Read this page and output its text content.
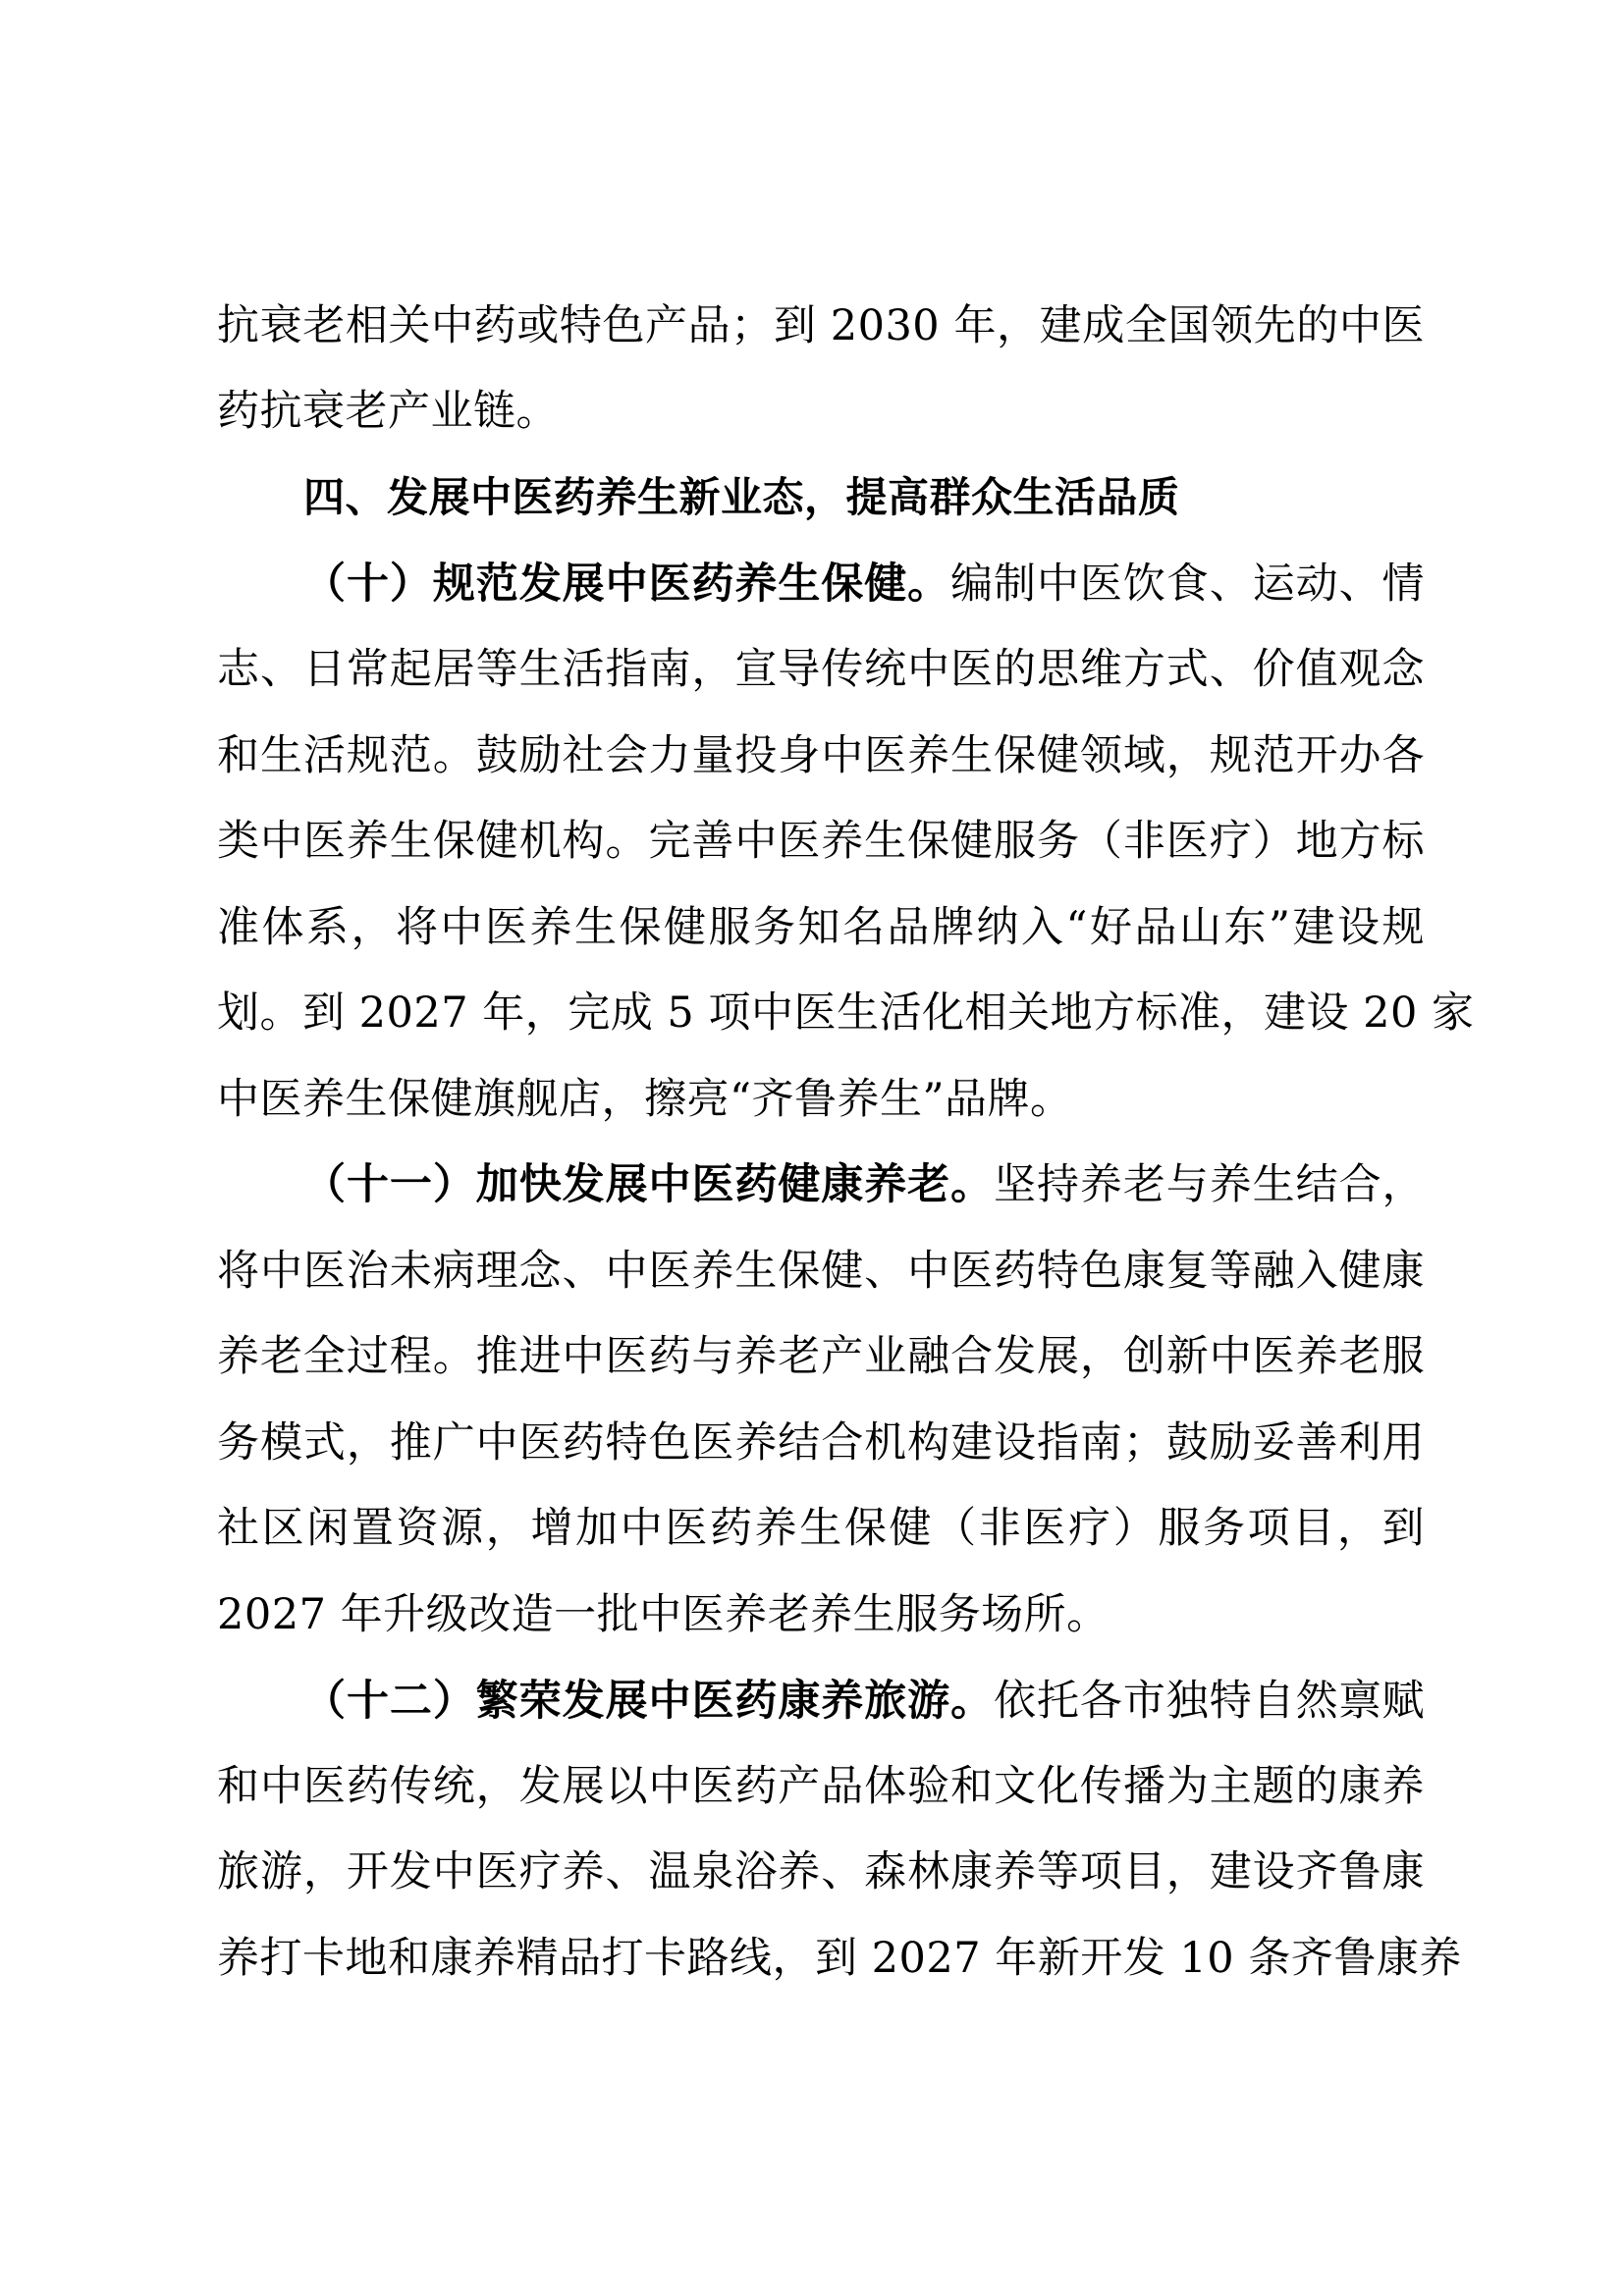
抗衰老相关中药或特色产品；到 2030 年，建成全国领先的中医
药抗衰老产业链。
四、发展中医药养生新业态，提高群众生活品质
（十）规范发展中医药养生保健。编制中医饮食、运动、情
志、日常起居等生活指南，宣导传统中医的思维方式、价值观念
和生活规范。鼓励社会力量投身中医养生保健领域，规范开办各
类中医养生保健机构。完善中医养生保健服务（非医疗）地方标
准体系，将中医养生保健服务知名品牌纳入“好品山东”建设规
划。到 2027 年，完成 5 项中医生活化相关地方标准，建设 20 家
中医养生保健旗舰店，擦亮“齐鲁养生”品牌。
（十一）加快发展中医药健康养老。坚持养老与养生结合，
将中医治未病理念、中医养生保健、中医药特色康复等融入健康
养老全过程。推进中医药与养老产业融合发展，创新中医养老服
务模式，推广中医药特色医养结合机构建设指南；鼓励妥善利用
社区闲置资源，增加中医药养生保健（非医疗）服务项目，到
2027 年升级改造一批中医养老养生服务场所。
（十二）繁荣发展中医药康养旅游。依托各市独特自然禀赋
和中医药传统，发展以中医药产品体验和文化传播为主题的康养
旅游，开发中医疗养、温泉浴养、森林康养等项目，建设齐鲁康
养打卡地和康养精品打卡路线，到 2027 年新开发 10 条齐鲁康养
